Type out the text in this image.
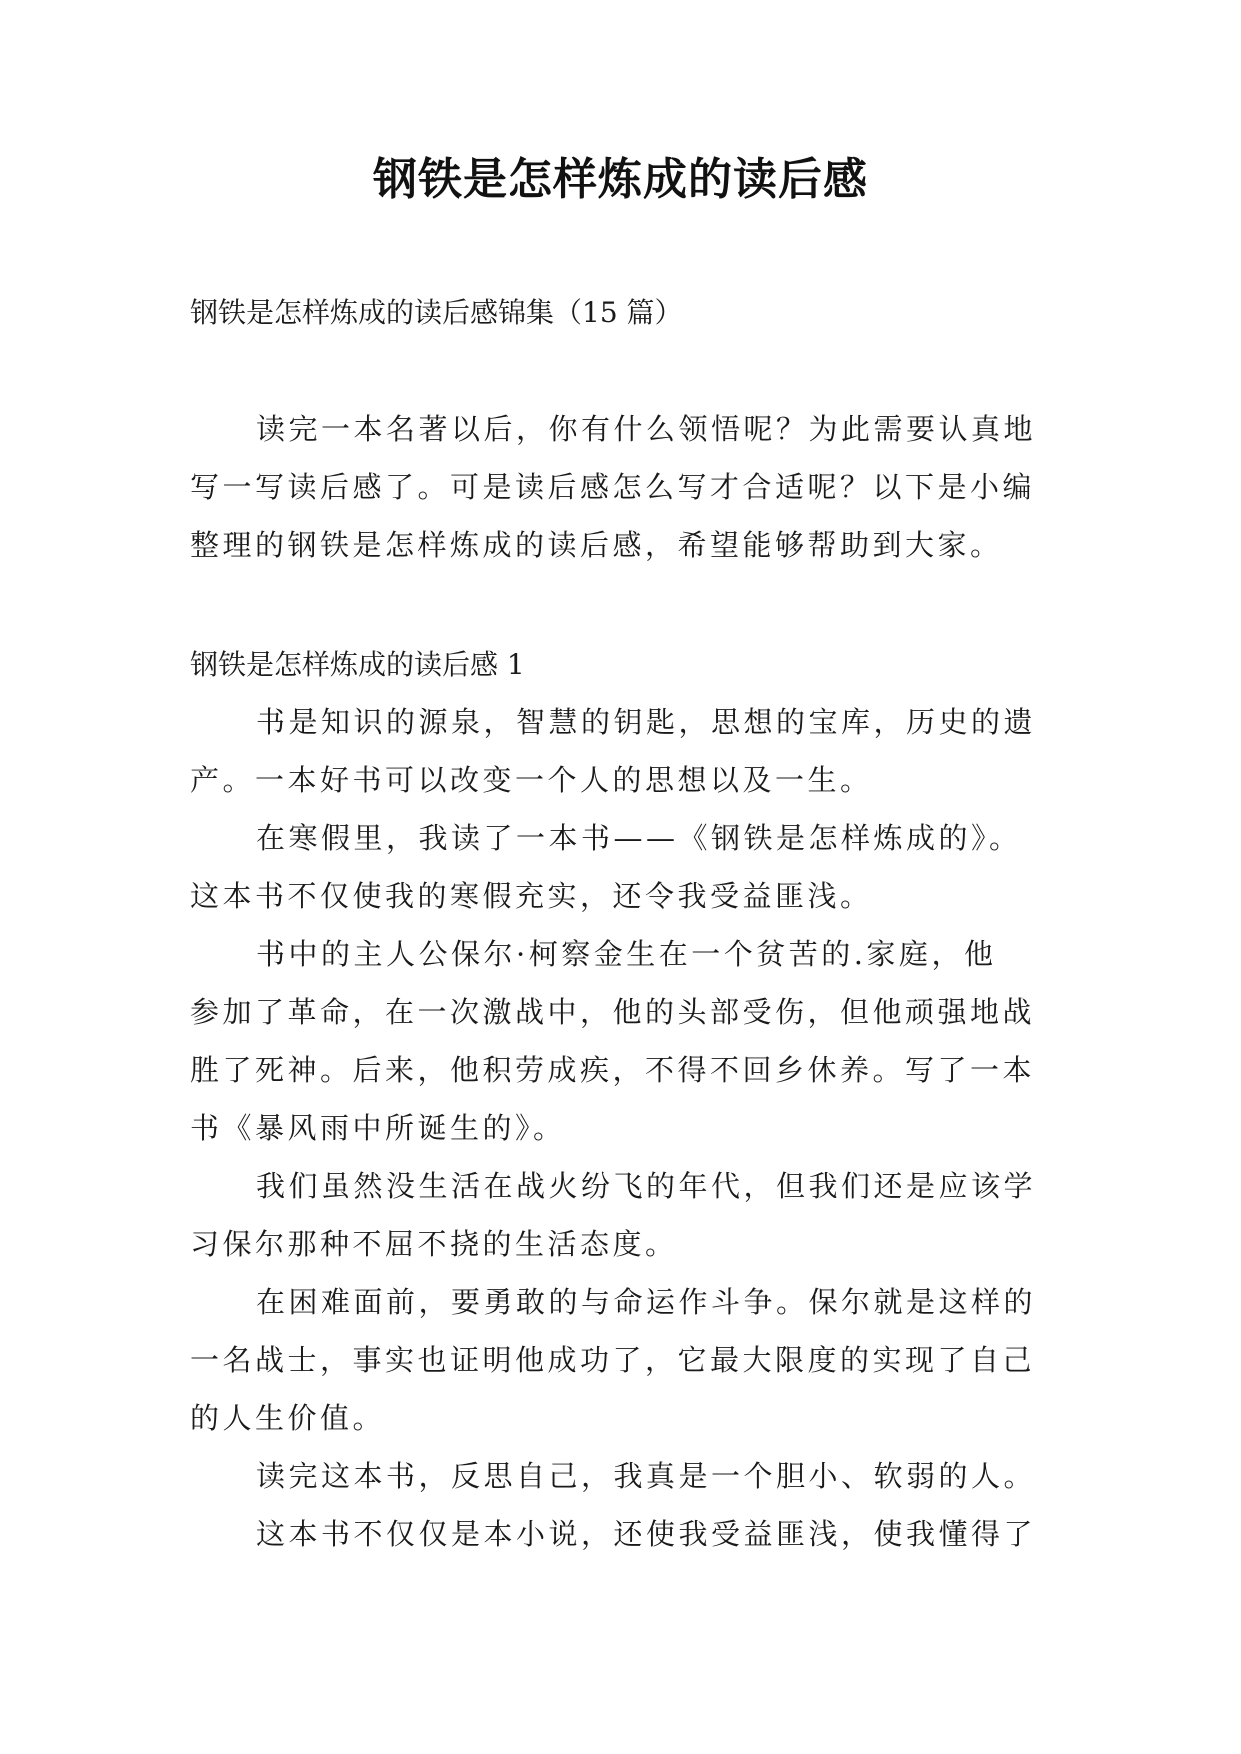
钢铁是怎样炼成的读后感

钢铁是怎样炼成的读后感锦集（15 篇）

读完一本名著以后，你有什么领悟呢？为此需要认真地
写一写读后感了。可是读后感怎么写才合适呢？以下是小编
整理的钢铁是怎样炼成的读后感，希望能够帮助到大家。

钢铁是怎样炼成的读后感 1

书是知识的源泉，智慧的钥匙，思想的宝库，历史的遗
产。一本好书可以改变一个人的思想以及一生。
在寒假里，我读了一本书——《钢铁是怎样炼成的》。
这本书不仅使我的寒假充实，还令我受益匪浅。
书中的主人公保尔·柯察金生在一个贫苦的.家庭，他
参加了革命，在一次激战中，他的头部受伤，但他顽强地战
胜了死神。后来，他积劳成疾，不得不回乡休养。写了一本
书《暴风雨中所诞生的》。
我们虽然没生活在战火纷飞的年代，但我们还是应该学
习保尔那种不屈不挠的生活态度。
在困难面前，要勇敢的与命运作斗争。保尔就是这样的
一名战士，事实也证明他成功了，它最大限度的实现了自己
的人生价值。
读完这本书，反思自己，我真是一个胆小、软弱的人。
这本书不仅仅是本小说，还使我受益匪浅，使我懂得了
